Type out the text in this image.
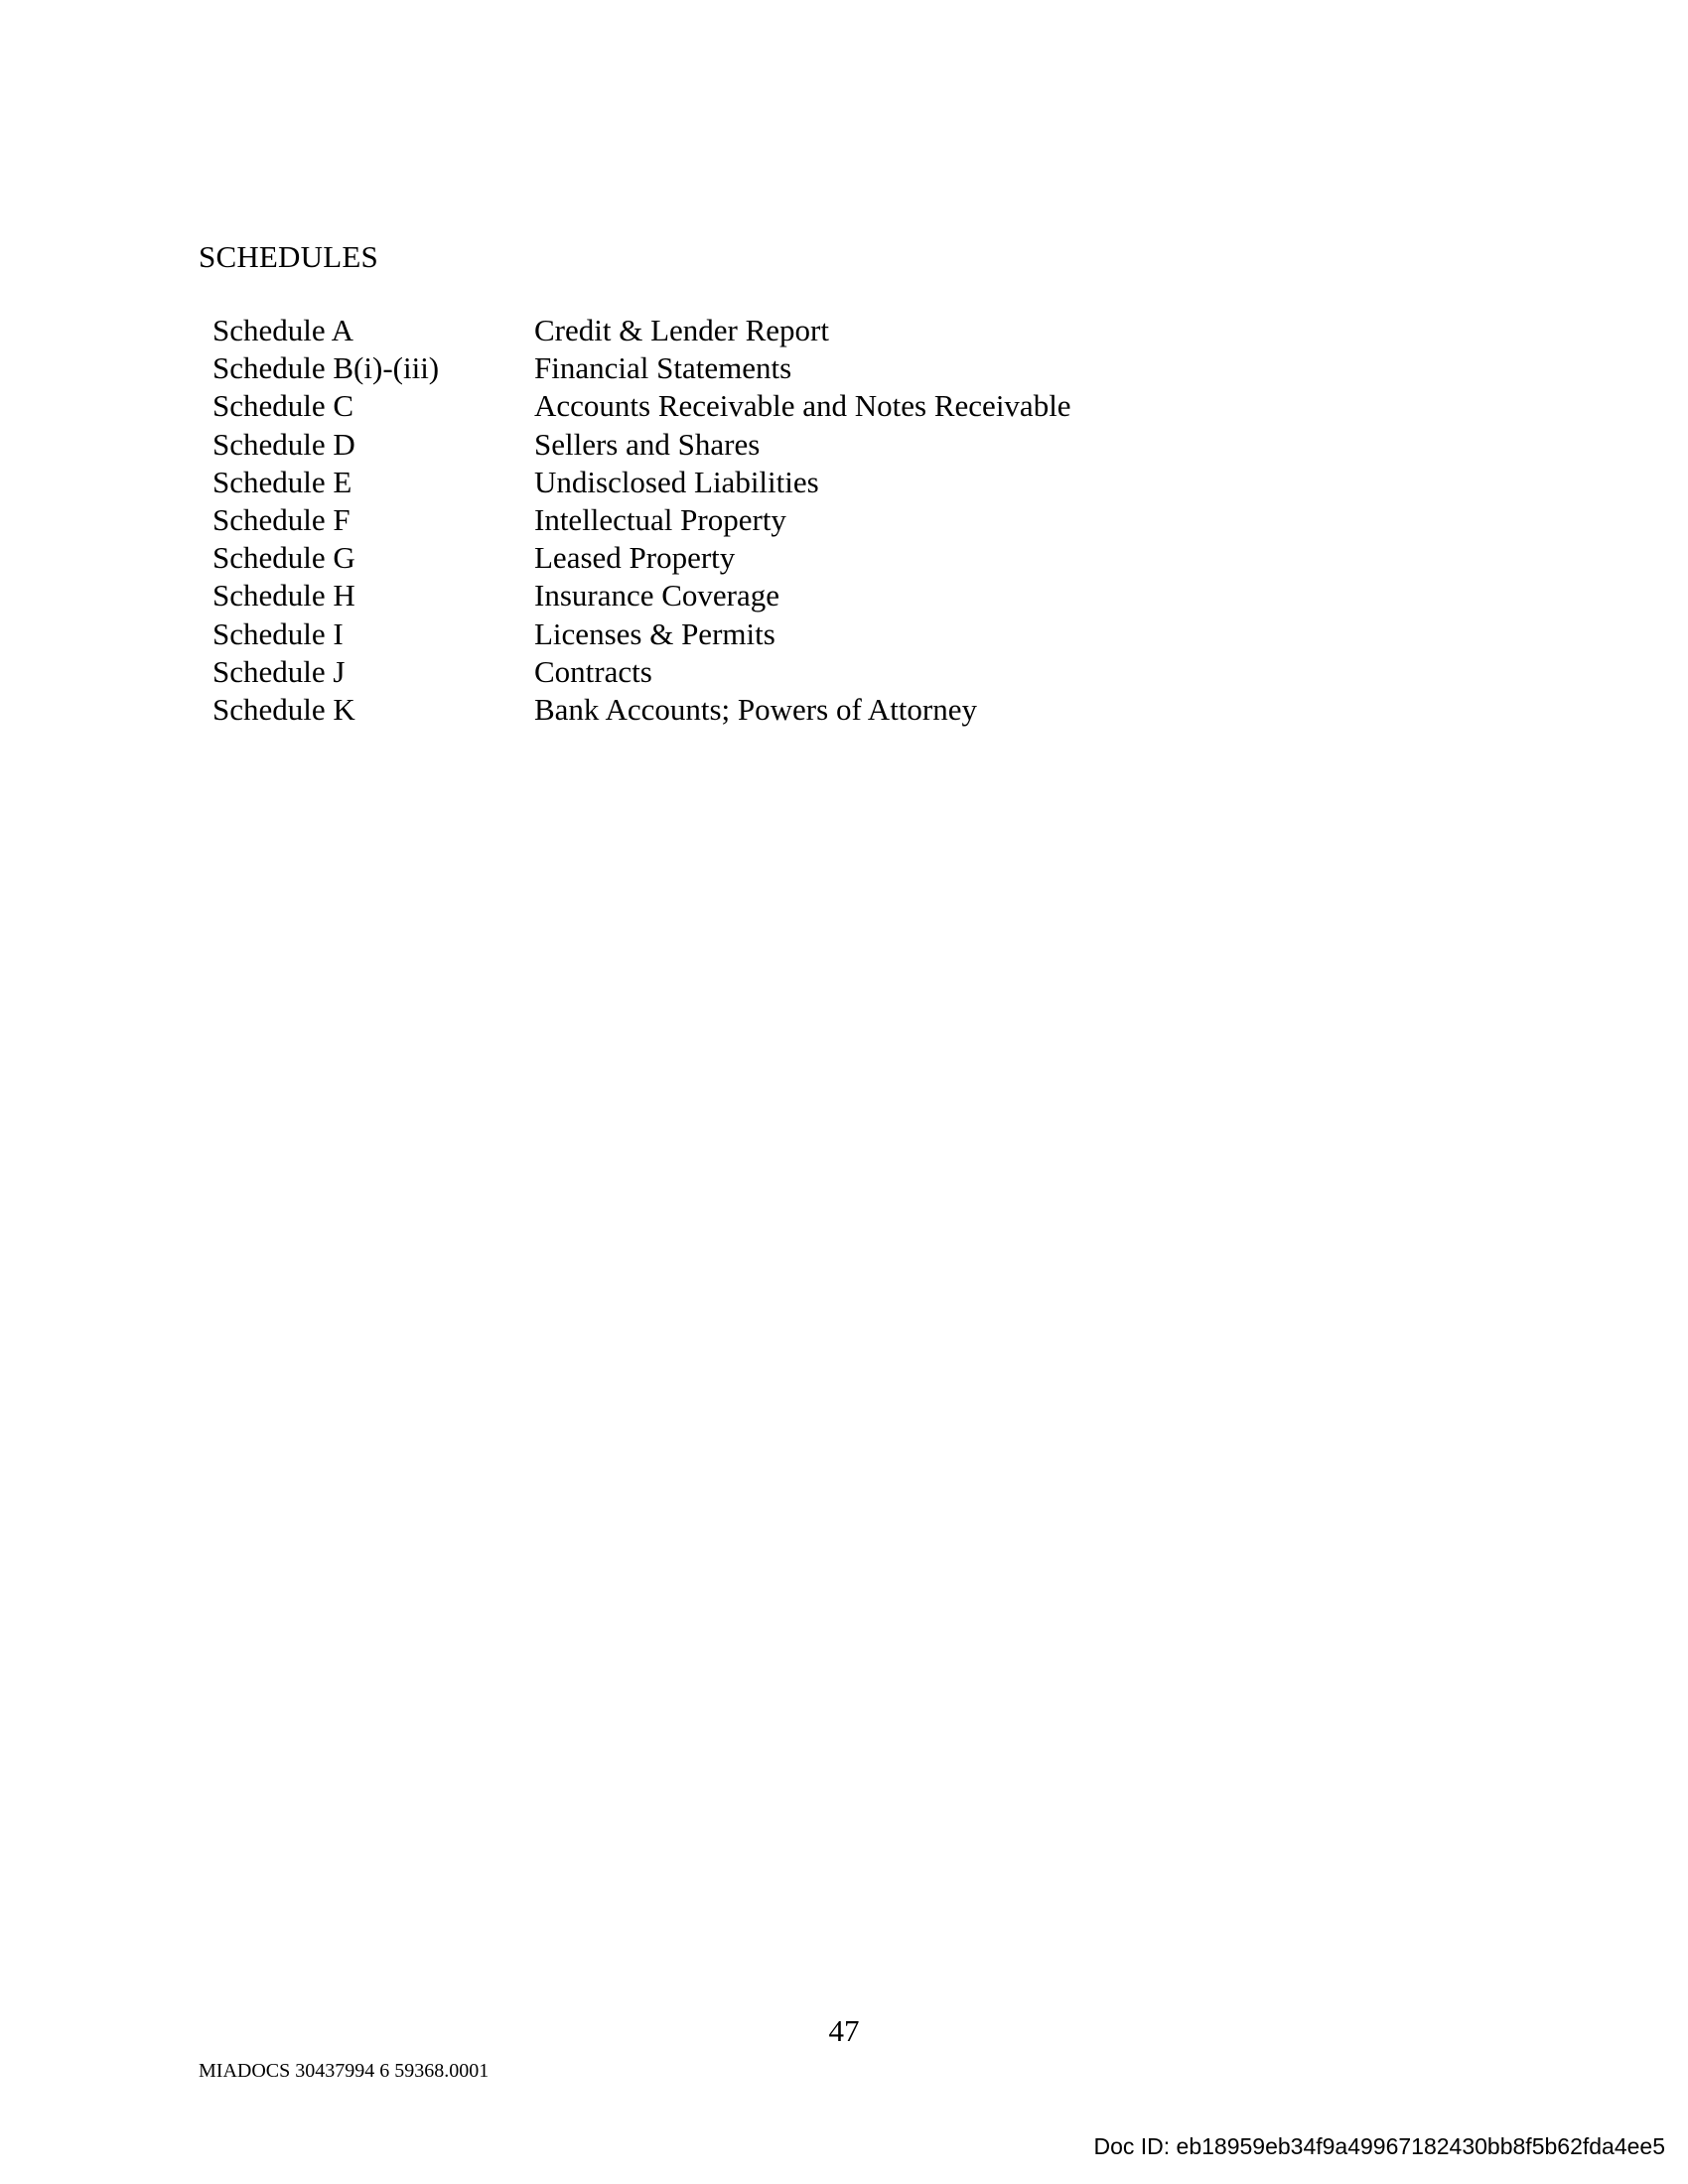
SCHEDULES
Schedule A	Credit & Lender Report
Schedule B(i)-(iii)	Financial Statements
Schedule C	Accounts Receivable and Notes Receivable
Schedule D	Sellers and Shares
Schedule E	Undisclosed Liabilities
Schedule F	Intellectual Property
Schedule G	Leased Property
Schedule H	Insurance Coverage
Schedule I	Licenses & Permits
Schedule J	Contracts
Schedule K	Bank Accounts; Powers of Attorney
47
MIADOCS 30437994 6 59368.0001
Doc ID: eb18959eb34f9a49967182430bb8f5b62fda4ee5
